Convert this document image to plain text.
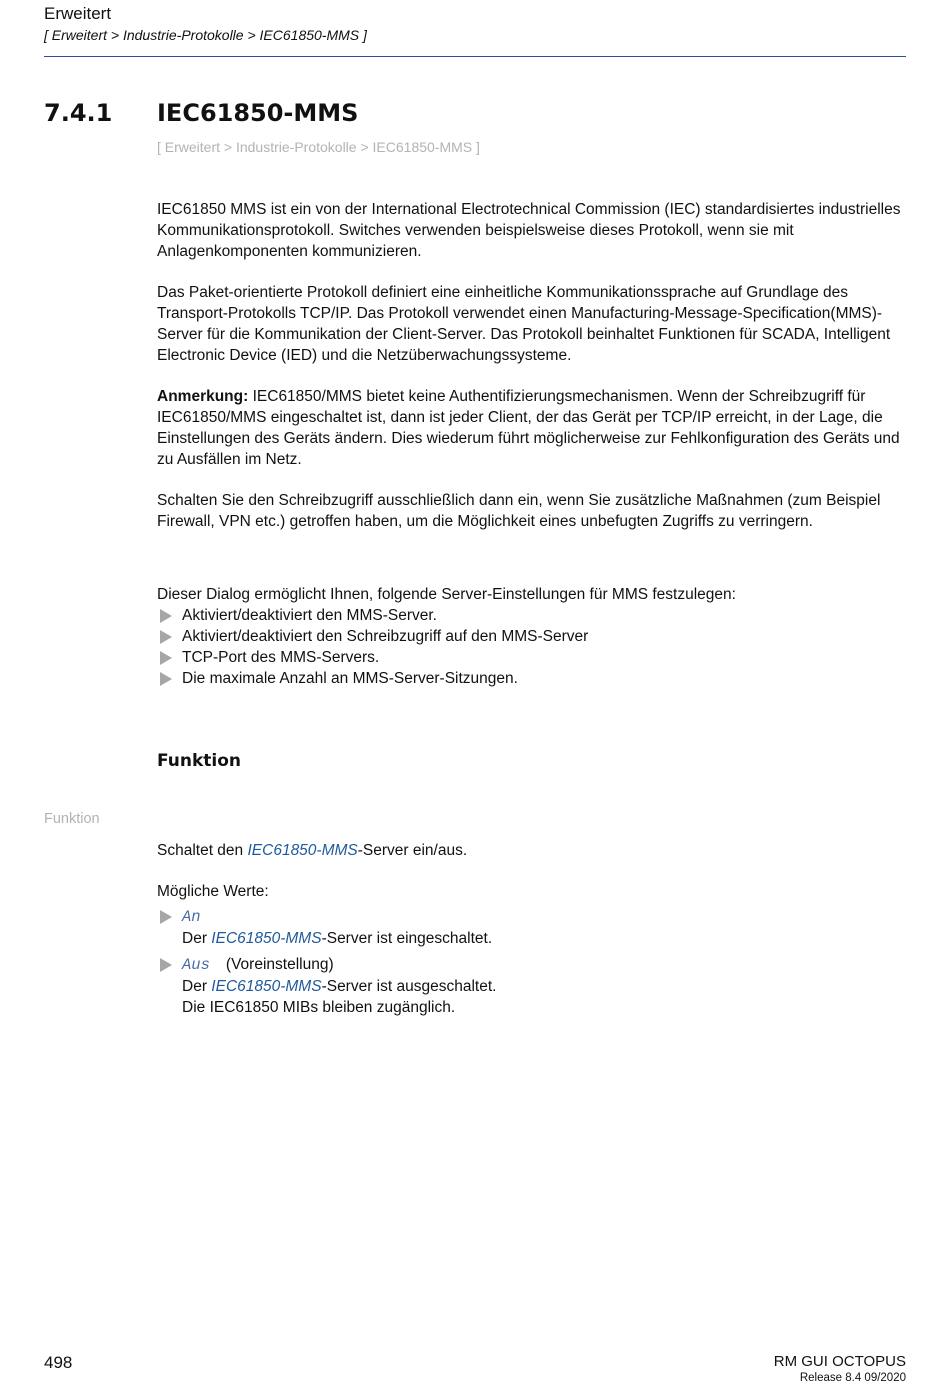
Erweitert
[ Erweitert > Industrie-Protokolle > IEC61850-MMS ]
7.4.1 IEC61850-MMS
[ Erweitert > Industrie-Protokolle > IEC61850-MMS ]

IEC61850 MMS ist ein von der International Electrotechnical Commission (IEC) standardisiertes industrielles Kommunikationsprotokoll. Switches verwenden beispielsweise dieses Protokoll, wenn sie mit Anlagenkomponenten kommunizieren.

Das Paket-orientierte Protokoll definiert eine einheitliche Kommunikationssprache auf Grundlage des Transport-Protokolls TCP/IP. Das Protokoll verwendet einen Manufacturing-Message-Specification(MMS)-Server für die Kommunikation der Client-Server. Das Protokoll beinhaltet Funktionen für SCADA, Intelligent Electronic Device (IED) und die Netzüberwachungssysteme.

Anmerkung: IEC61850/MMS bietet keine Authentifizierungsmechanismen. Wenn der Schreibzugriff für IEC61850/MMS eingeschaltet ist, dann ist jeder Client, der das Gerät per TCP/IP erreicht, in der Lage, die Einstellungen des Geräts ändern. Dies wiederum führt möglicherweise zur Fehlkonfiguration des Geräts und zu Ausfällen im Netz.

Schalten Sie den Schreibzugriff ausschließlich dann ein, wenn Sie zusätzliche Maßnahmen (zum Beispiel Firewall, VPN etc.) getroffen haben, um die Möglichkeit eines unbefugten Zugriffs zu verringern.

Dieser Dialog ermöglicht Ihnen, folgende Server-Einstellungen für MMS festzulegen:

Aktiviert/deaktiviert den MMS-Server.
Aktiviert/deaktiviert den Schreibzugriff auf den MMS-Server
TCP-Port des MMS-Servers.
Die maximale Anzahl an MMS-Server-Sitzungen.
Funktion
Funktion

Schaltet den IEC61850-MMS-Server ein/aus.

Mögliche Werte:

An
Der IEC61850-MMS-Server ist eingeschaltet.
Aus (Voreinstellung)
Der IEC61850-MMS-Server ist ausgeschaltet.
Die IEC61850 MIBs bleiben zugänglich.
498	RM GUI OCTOPUS
Release 8.4 09/2020
